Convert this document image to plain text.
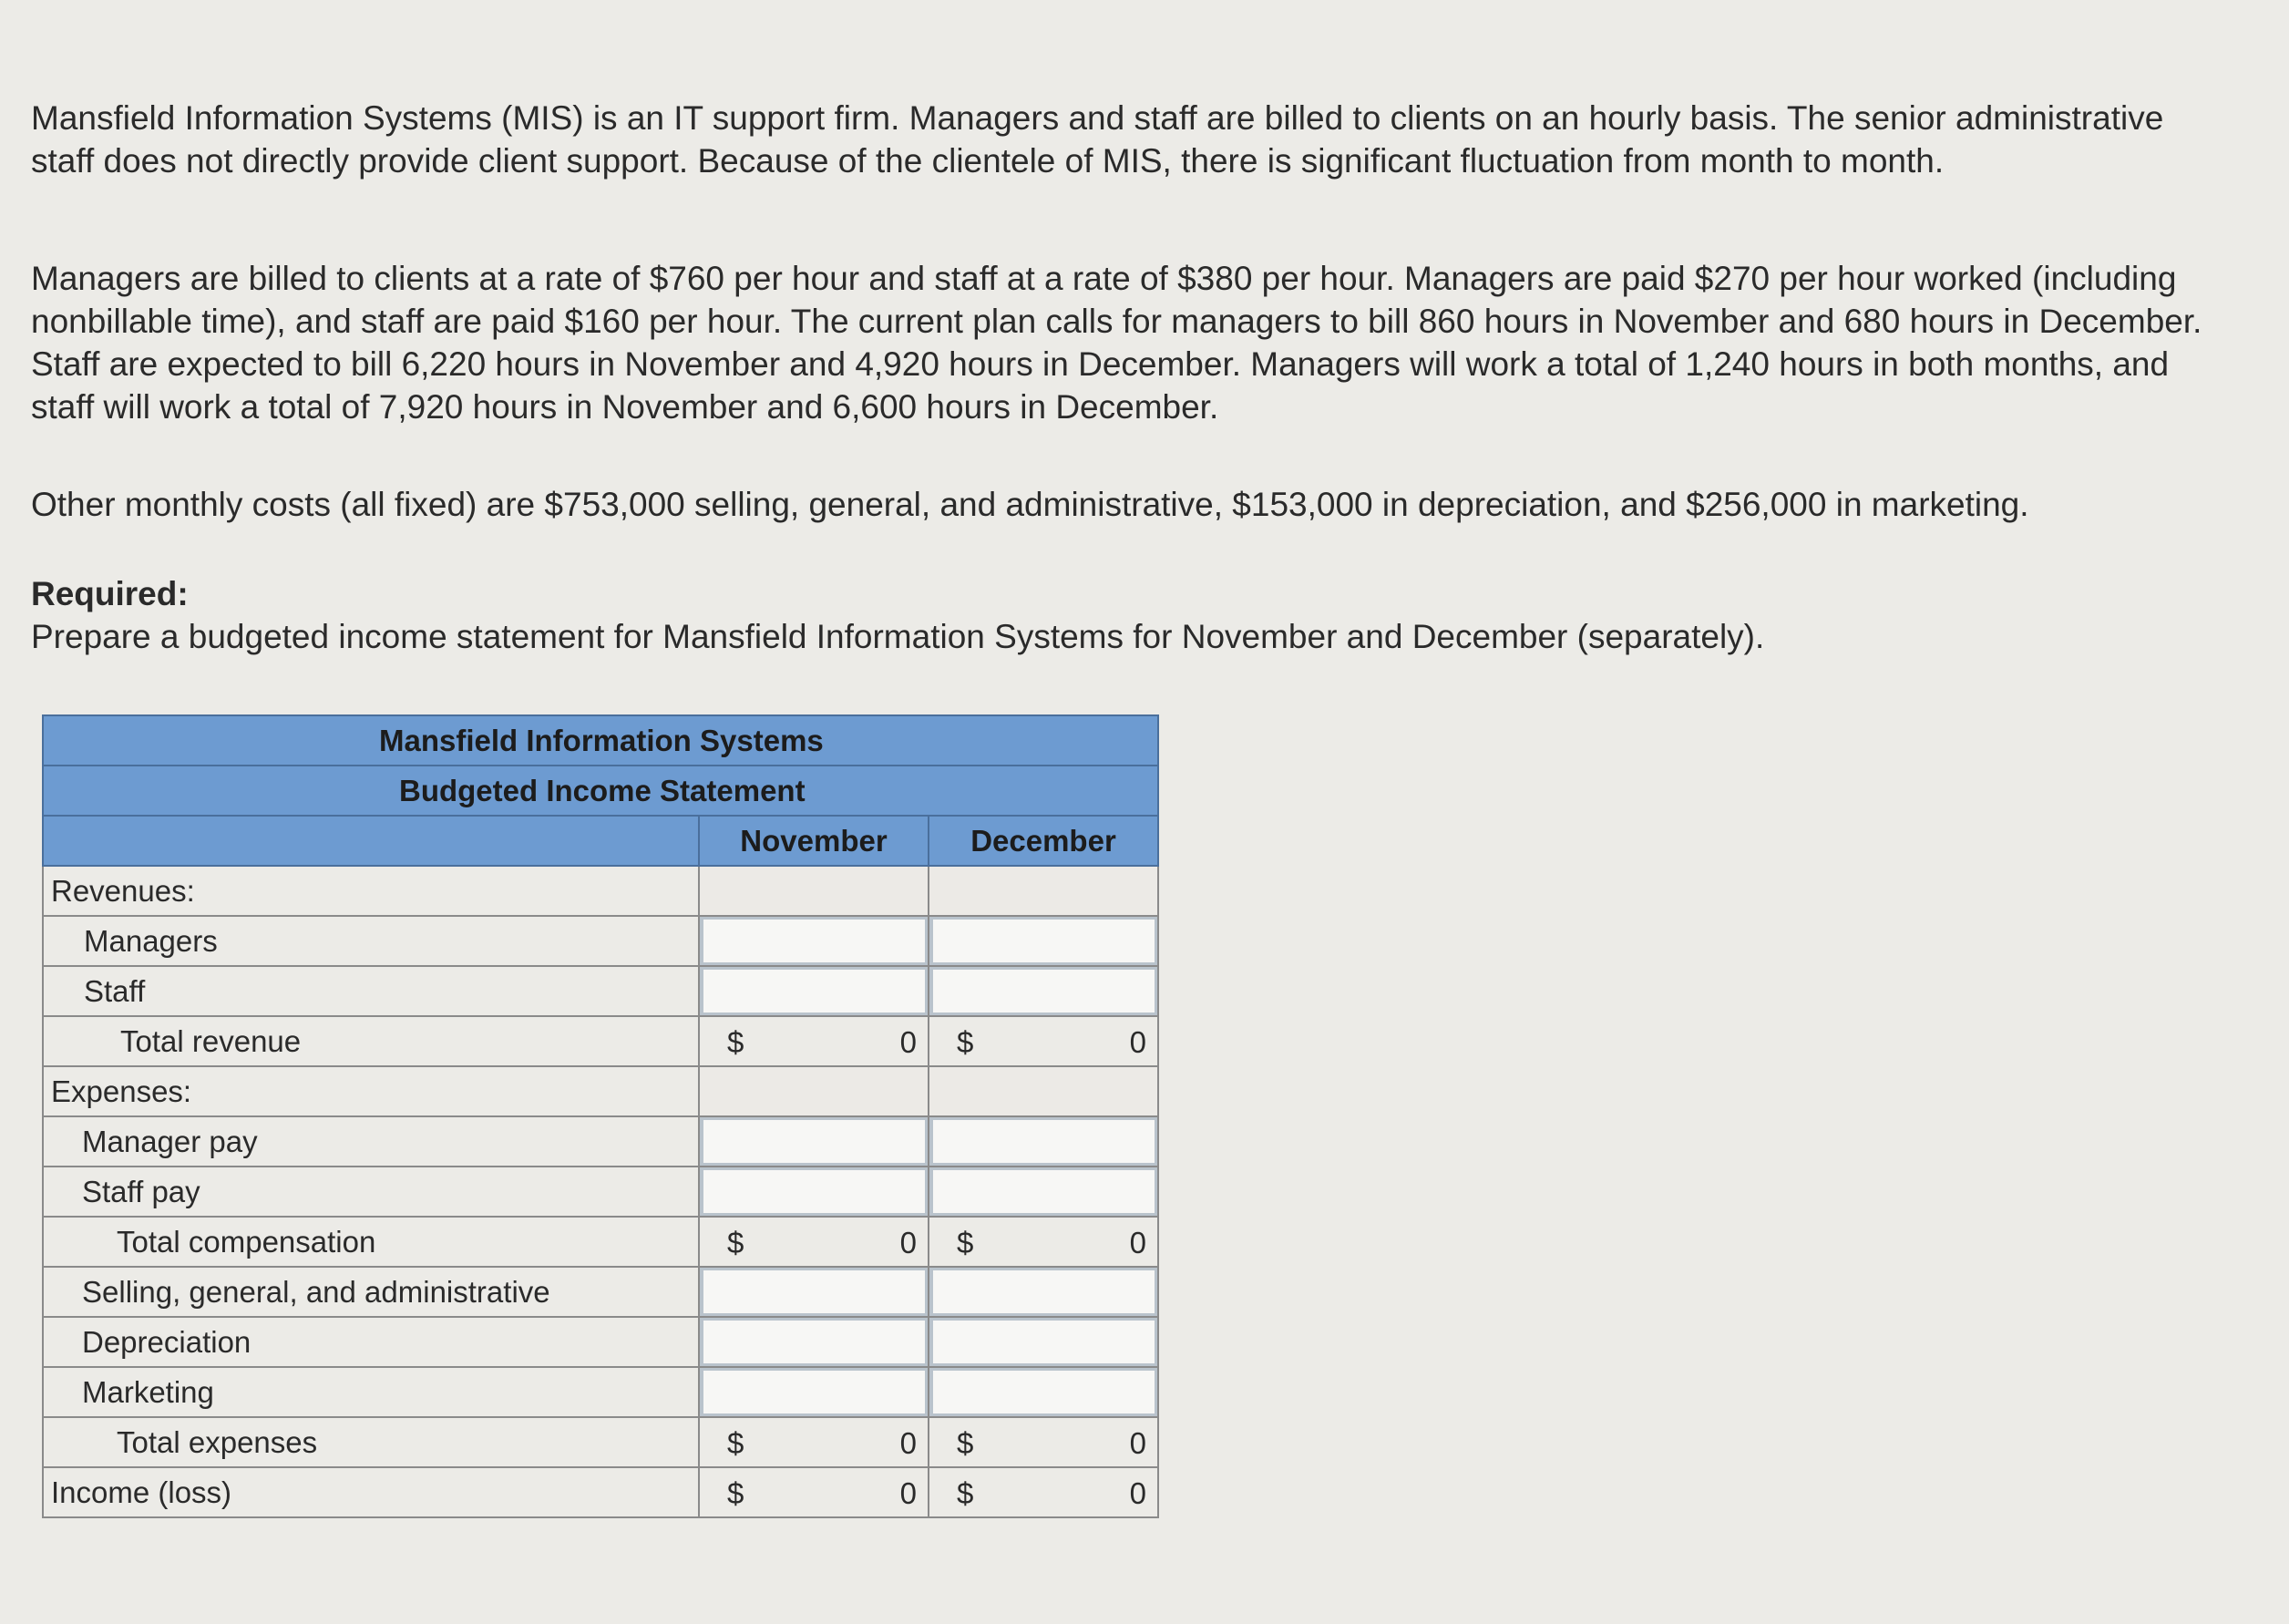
Mansfield Information Systems (MIS) is an IT support firm. Managers and staff are billed to clients on an hourly basis. The senior administrative staff does not directly provide client support. Because of the clientele of MIS, there is significant fluctuation from month to month.

Managers are billed to clients at a rate of $760 per hour and staff at a rate of $380 per hour. Managers are paid $270 per hour worked (including nonbillable time), and staff are paid $160 per hour. The current plan calls for managers to bill 860 hours in November and 680 hours in December. Staff are expected to bill 6,220 hours in November and 4,920 hours in December. Managers will work a total of 1,240 hours in both months, and staff will work a total of 7,920 hours in November and 6,600 hours in December.

Other monthly costs (all fixed) are $753,000 selling, general, and administrative, $153,000 in depreciation, and $256,000 in marketing.

Required:
Prepare a budgeted income statement for Mansfield Information Systems for November and December (separately).

Mansfield Information Systems		
Budgeted Income Statement		
	November	December
Revenues:		
Managers		
Staff		
Total revenue	$ 0	$ 0

Expenses:		
Manager pay		
Staff pay		
Total compensation	$ 0	$ 0

Selling, general, and administrative		
Depreciation		
Marketing		
Total expenses	$ 0	$ 0

Income (loss)	$ 0	$ 0
